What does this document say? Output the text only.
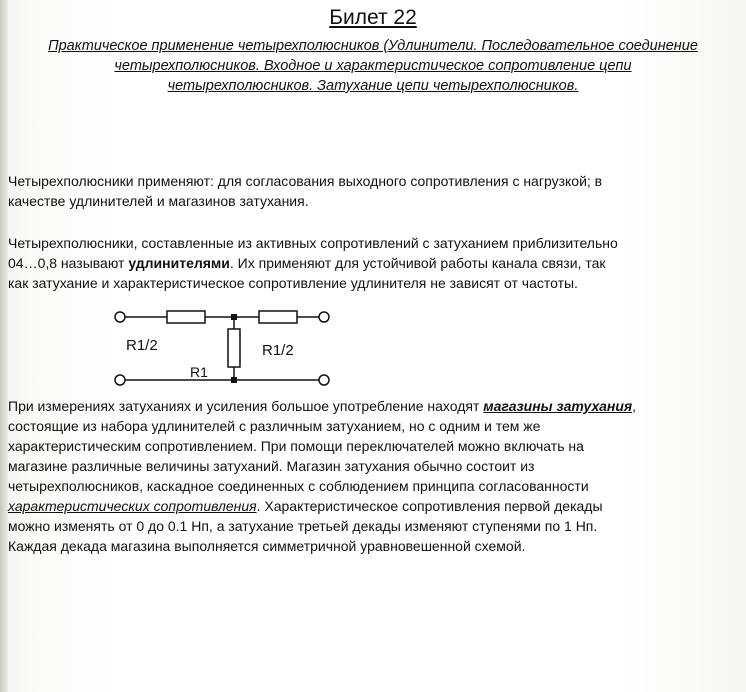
Билет 22
Практическое применение четырехполюсников (Удлинители. Последовательное соединение
четырехполюсников. Входное и характеристическое сопротивление цепи
четырехполюсников. Затухание цепи четырехполюсников.
Четырехполюсники применяют: для согласования выходного сопротивления с нагрузкой; в
качестве удлинителей и магазинов затухания.
Четырехполюсники, составленные из активных сопротивлений с затуханием приблизительно
04…0,8 называют удлинителями. Их применяют для устойчивой работы канала связи, так
как затухание и характеристическое сопротивление удлинителя не зависят от частоты.
R1/2	R1/2
R1
При измерениях затуханиях и усиления большое употребление находят магазины затухания,
состоящие из набора удлинителей с различным затуханием, но с одним и тем же
характеристическим сопротивлением. При помощи переключателей можно включать на
магазине различные величины затуханий. Магазин затухания обычно состоит из
четырехполюсников, каскадное соединенных с соблюдением принципа согласованности
характеристических сопротивления. Характеристическое сопротивления первой декады
можно изменять от 0 до 0.1 Нп, а затухание третьей декады изменяют ступенями по 1 Нп.
Каждая декада магазина выполняется симметричной уравновешенной схемой.
